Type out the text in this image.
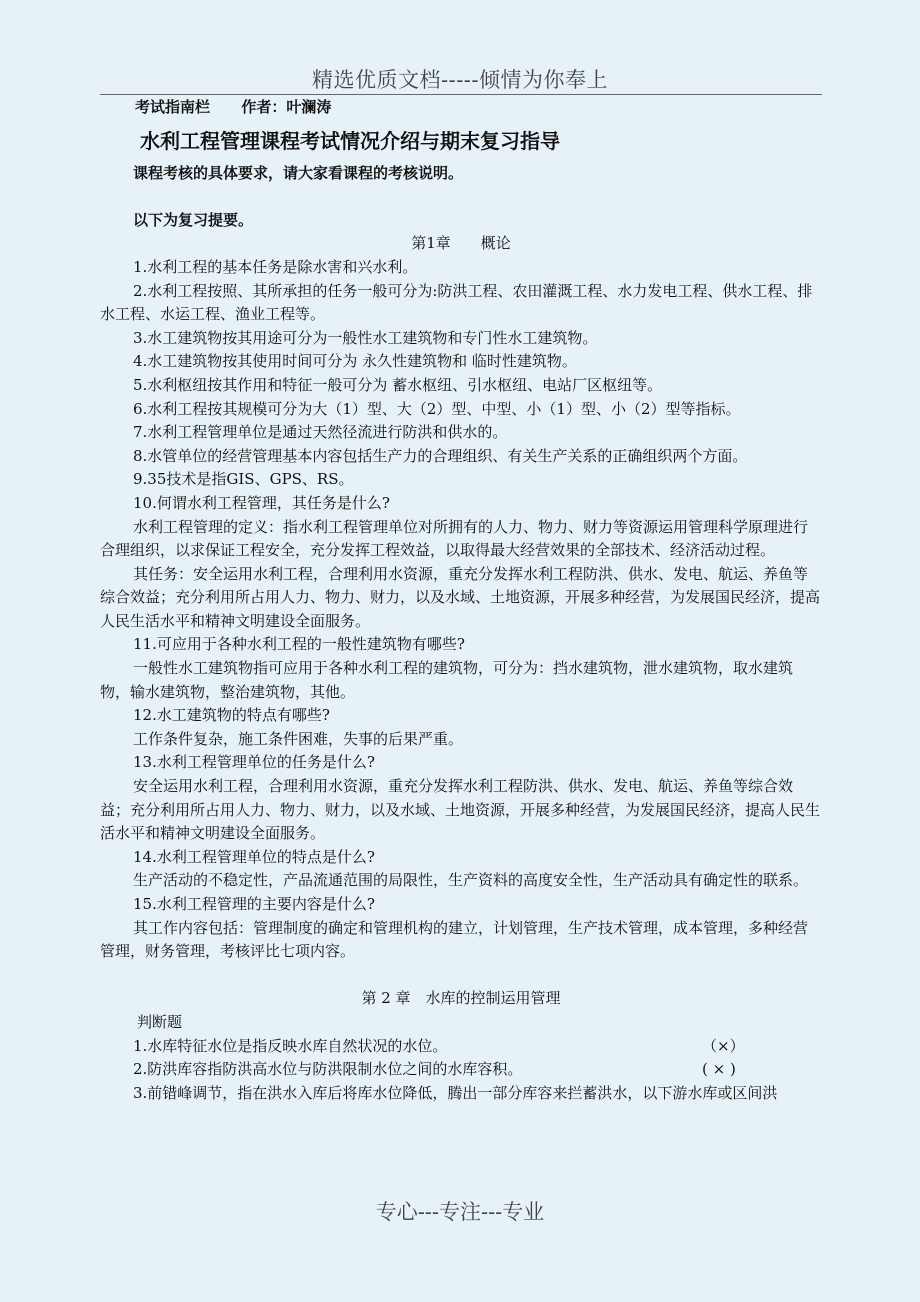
精选优质文档-----倾情为你奉上

考试指南栏 作者：叶澜涛

水利工程管理课程考试情况介绍与期末复习指导

课程考核的具体要求，请大家看课程的考核说明。

以下为复习提要。

第1章　　概论

1.水利工程的基本任务是除水害和兴水利。

2.水利工程按照、其所承担的任务一般可分为:防洪工程、农田灌溉工程、水力发电工程、供水工程、排水工程、水运工程、渔业工程等。

3.水工建筑物按其用途可分为一般性水工建筑物和专门性水工建筑物。

4.水工建筑物按其使用时间可分为 永久性建筑物和 临时性建筑物。

5.水利枢纽按其作用和特征一般可分为 蓄水枢纽、引水枢纽、电站厂区枢纽等。

6.水利工程按其规模可分为大（1）型、大（2）型、中型、小（1）型、小（2）型等指标。

7.水利工程管理单位是通过天然径流进行防洪和供水的。

8.水管单位的经营管理基本内容包括生产力的合理组织、有关生产关系的正确组织两个方面。

9.35技术是指GIS、GPS、RS。

10.何谓水利工程管理，其任务是什么?

水利工程管理的定义：指水利工程管理单位对所拥有的人力、物力、财力等资源运用管理科学原理进行合理组织，以求保证工程安全，充分发挥工程效益，以取得最大经营效果的全部技术、经济活动过程。

其任务：安全运用水利工程，合理利用水资源，重充分发挥水利工程防洪、供水、发电、航运、养鱼等综合效益；充分利用所占用人力、物力、财力，以及水域、土地资源，开展多种经营，为发展国民经济，提高人民生活水平和精神文明建设全面服务。

11.可应用于各种水利工程的一般性建筑物有哪些?

一般性水工建筑物指可应用于各种水利工程的建筑物，可分为：挡水建筑物，泄水建筑物，取水建筑物，输水建筑物，整治建筑物，其他。

12.水工建筑物的特点有哪些?

工作条件复杂，施工条件困难，失事的后果严重。

13.水利工程管理单位的任务是什么?

安全运用水利工程，合理利用水资源，重充分发挥水利工程防洪、供水、发电、航运、养鱼等综合效益；充分利用所占用人力、物力、财力，以及水域、土地资源，开展多种经营，为发展国民经济，提高人民生活水平和精神文明建设全面服务。

14.水利工程管理单位的特点是什么?

生产活动的不稳定性，产品流通范围的局限性，生产资料的高度安全性，生产活动具有确定性的联系。

15.水利工程管理的主要内容是什么?

其工作内容包括：管理制度的确定和管理机构的建立，计划管理，生产技术管理，成本管理，多种经营管理，财务管理，考核评比七项内容。

第 2 章　水库的控制运用管理

判断题

1.水库特征水位是指反映水库自然状况的水位。	（×）
2.防洪库容指防洪高水位与防洪限制水位之间的水库容积。	( × )

3.前错峰调节，指在洪水入库后将库水位降低，腾出一部分库容来拦蓄洪水，以下游水库或区间洪

专心---专注---专业
